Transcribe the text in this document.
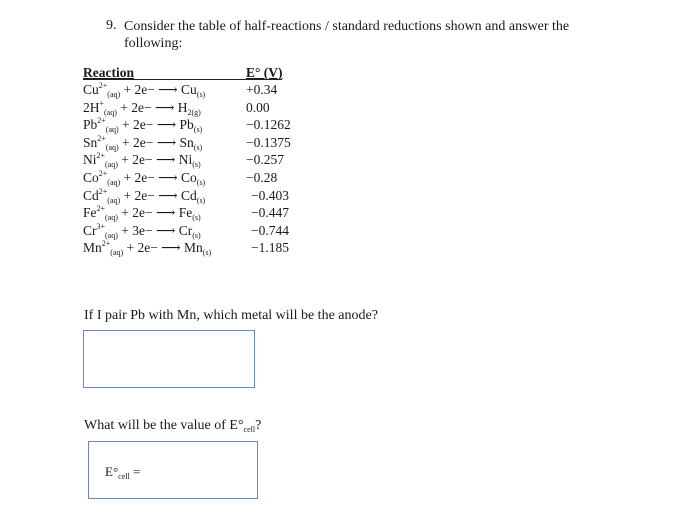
9. Consider the table of half-reactions / standard reductions shown and answer the following:
Reaction	E° (V)
$Cu^{2+}_{(aq)} + 2e-$ ⟶ $Cu_{(s)}$	+0.34
$2H^+_{(aq)} + 2e-$ ⟶ $H_{2(g)}$	0.00
$Pb^{2+}_{(aq)} + 2e-$ ⟶ $Pb_{(s)}$	−0.1262
$Sn^{2+}_{(aq)} + 2e-$ ⟶ $Sn_{(s)}$	−0.1375
$Ni^{2+}_{(aq)} + 2e-$ ⟶ $Ni_{(s)}$	−0.257
$Co^{2+}_{(aq)} + 2e-$ ⟶ $Co_{(s)}$	−0.28
$Cd^{2+}_{(aq)} + 2e-$ ⟶ $Cd_{(s)}$	−0.403
$Fe^{2+}_{(aq)} + 2e-$ ⟶ $Fe_{(s)}$	−0.447
$Cr^{3+}_{(aq)} + 3e-$ ⟶ $Cr_{(s)}$	−0.744
$Mn^{2+}_{(aq)} + 2e-$ ⟶ $Mn_{(s)}$	−1.185
If I pair Pb with Mn, which metal will be the anode?
What will be the value of $E^\circ_{cell}$?
$E^\circ_{cell}$ =
